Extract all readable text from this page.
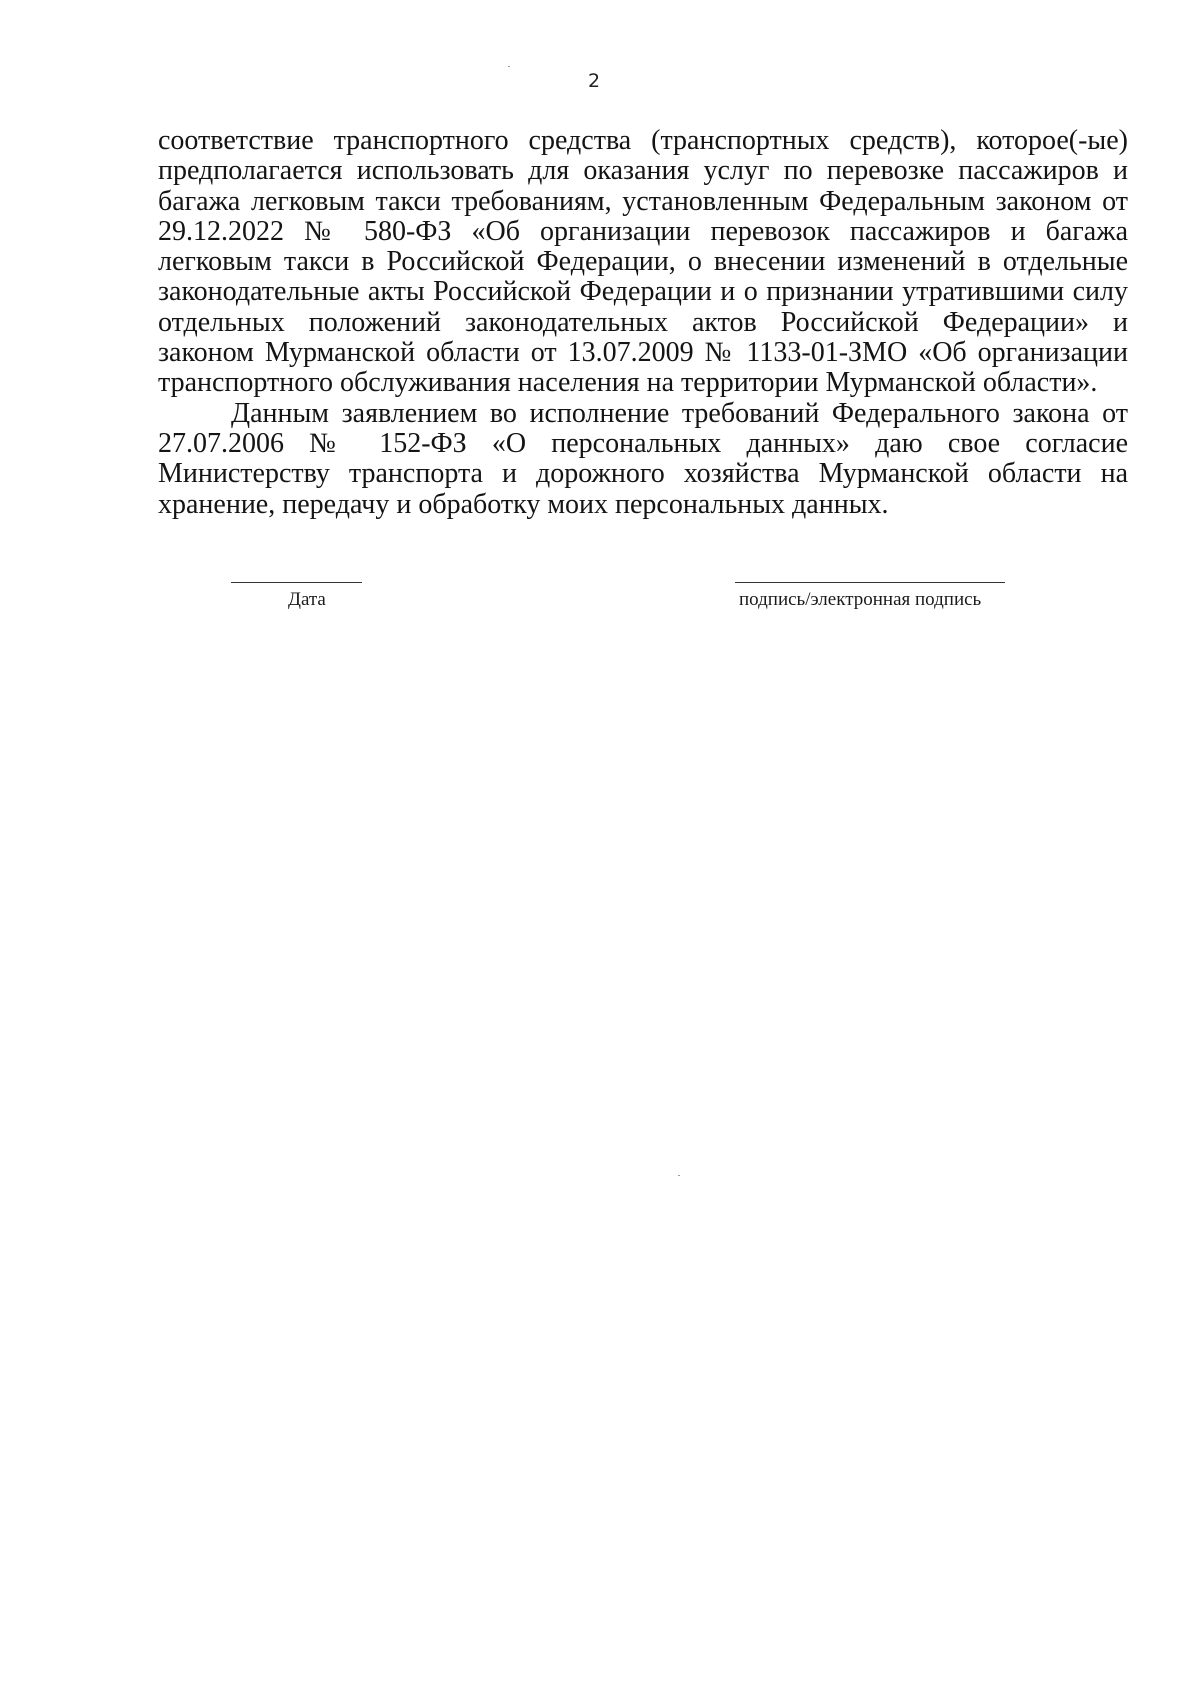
2

соответствие транспортного средства (транспортных средств), которое(-ые) предполагается использовать для оказания услуг по перевозке пассажиров и багажа легковым такси требованиям, установленным Федеральным законом от 29.12.2022 № 580-ФЗ «Об организации перевозок пассажиров и багажа легковым такси в Российской Федерации, о внесении изменений в отдельные законодательные акты Российской Федерации и о признании утратившими силу отдельных положений законодательных актов Российской Федерации» и законом Мурманской области от 13.07.2009 № 1133-01-ЗМО «Об организации транспортного обслуживания населения на территории Мурманской области».

Данным заявлением во исполнение требований Федерального закона от 27.07.2006 № 152-ФЗ «О персональных данных» даю свое согласие Министерству транспорта и дорожного хозяйства Мурманской области на хранение, передачу и обработку моих персональных данных.

Дата	подпись/электронная подпись
